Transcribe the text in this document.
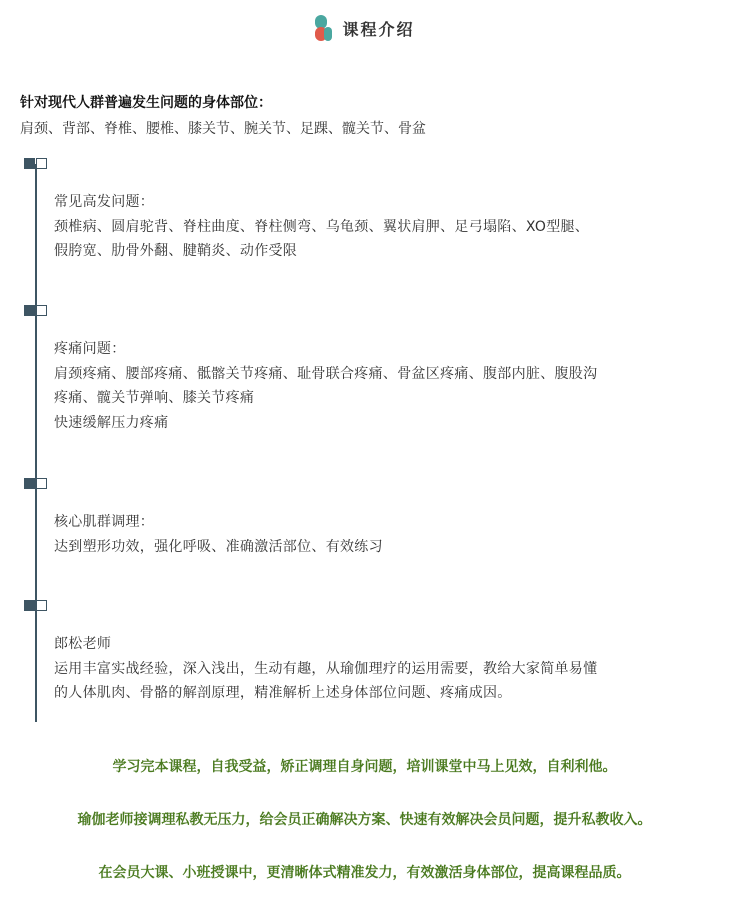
课程介绍
针对现代人群普遍发生问题的身体部位：
肩颈、背部、脊椎、腰椎、膝关节、腕关节、足踝、髋关节、骨盆
常见高发问题：
颈椎病、圆肩驼背、脊柱曲度、脊柱侧弯、乌龟颈、翼状肩胛、足弓塌陷、XO型腿、
假胯宽、肋骨外翻、腱鞘炎、动作受限
疼痛问题：
肩颈疼痛、腰部疼痛、骶髂关节疼痛、耻骨联合疼痛、骨盆区疼痛、腹部内脏、腹股沟
疼痛、髋关节弹响、膝关节疼痛
快速缓解压力疼痛
核心肌群调理：
达到塑形功效，强化呼吸、准确激活部位、有效练习
郎松老师
运用丰富实战经验，深入浅出，生动有趣，从瑜伽理疗的运用需要，教给大家简单易懂
的人体肌肉、骨骼的解剖原理，精准解析上述身体部位问题、疼痛成因。
学习完本课程，自我受益，矫正调理自身问题，培训课堂中马上见效，自利利他。
瑜伽老师接调理私教无压力，给会员正确解决方案、快速有效解决会员问题，提升私教收入。
在会员大课、小班授课中，更清晰体式精准发力，有效激活身体部位，提高课程品质。
